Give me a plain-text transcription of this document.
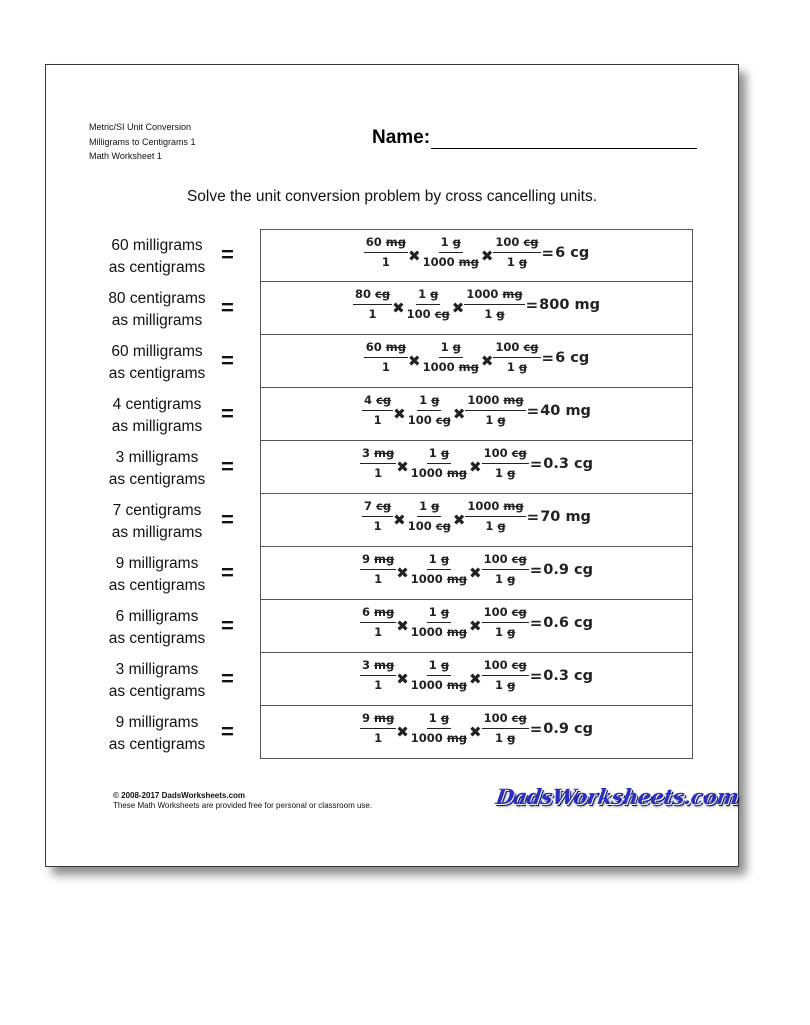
Metric/SI Unit Conversion
Milligrams to Centigrams 1
Math Worksheet 1
Name:
Solve the unit conversion problem by cross cancelling units.
60 milligrams
as centigrams
=	$\frac{60 mg}{1}$ ✖ $\frac{1 g}{1000 mg}$ ✖ $\frac{100 cg}{1 g} = 6$ cg
80 centigrams
as milligrams
=	$\frac{80 cg}{1}$ ✖ $\frac{1 g}{100 cg}$ ✖ $\frac{1000 mg}{1 g} = 800$ mg
60 milligrams
as centigrams
=	$\frac{60 mg}{1}$ ✖ $\frac{1 g}{1000 mg}$ ✖ $\frac{100 cg}{1 g} = 6$ cg
4 centigrams
as milligrams
=	$\frac{4 cg}{1}$ ✖ $\frac{1 g}{100 cg}$ ✖ $\frac{1000 mg}{1 g} = 40$ mg
3 milligrams
as centigrams
=	$\frac{3 mg}{1}$ ✖ $\frac{1 g}{1000 mg}$ ✖ $\frac{100 cg}{1 g} = 0.3$ cg
7 centigrams
as milligrams
=	$\frac{7 cg}{1}$ ✖ $\frac{1 g}{100 cg}$ ✖ $\frac{1000 mg}{1 g} = 70$ mg
9 milligrams
as centigrams
=	$\frac{9 mg}{1}$ ✖ $\frac{1 g}{1000 mg}$ ✖ $\frac{100 cg}{1 g} = 0.9$ cg
6 milligrams
as centigrams
=	$\frac{6 mg}{1}$ ✖ $\frac{1 g}{1000 mg}$ ✖ $\frac{100 cg}{1 g} = 0.6$ cg
3 milligrams
as centigrams
=	$\frac{3 mg}{1}$ ✖ $\frac{1 g}{1000 mg}$ ✖ $\frac{100 cg}{1 g} = 0.3$ cg
9 milligrams
as centigrams
=	$\frac{9 mg}{1}$ ✖ $\frac{1 g}{1000 mg}$ ✖ $\frac{100 cg}{1 g} = 0.9$ cg
© 2008-2017 DadsWorksheets.com
These Math Worksheets are provided free for personal or classroom use.	DadsWorksheets.com
